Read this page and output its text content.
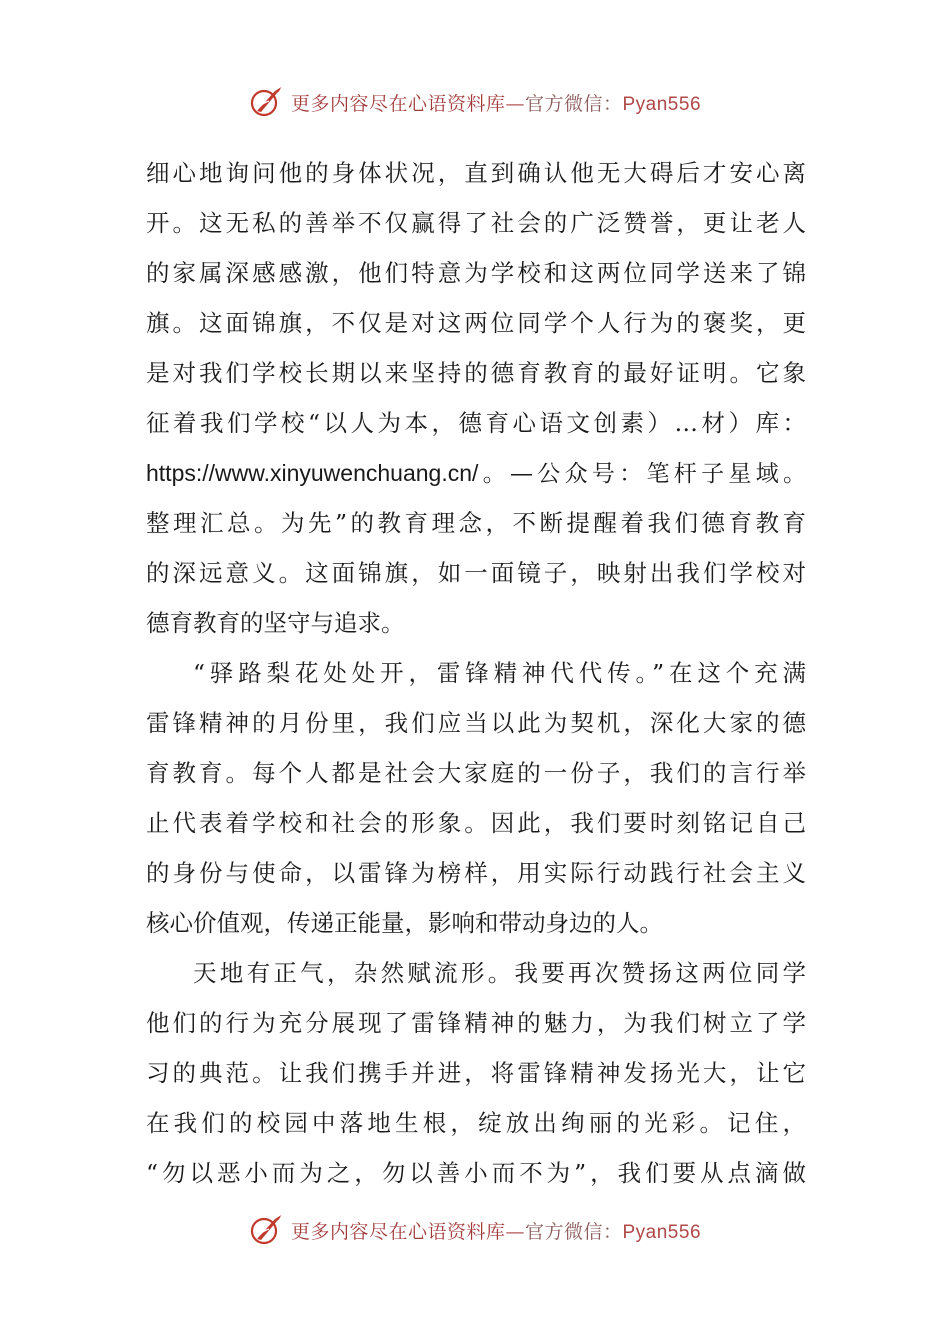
更多内容尽在心语资料库—官方微信：Pyan556
细心地询问他的身体状况，直到确认他无大碍后才安心离
开。这无私的善举不仅赢得了社会的广泛赞誉，更让老人
的家属深感感激，他们特意为学校和这两位同学送来了锦
旗。这面锦旗，不仅是对这两位同学个人行为的褒奖，更
是对我们学校长期以来坚持的德育教育的最好证明。它象
征着我们学校“以人为本，德育心语文创素）…材）库：
https://www.xinyuwenchuang.cn/。—公众号：笔杆子星域。
整理汇总。为先”的教育理念，不断提醒着我们德育教育
的深远意义。这面锦旗，如一面镜子，映射出我们学校对
德育教育的坚守与追求。
“驿路梨花处处开，雷锋精神代代传。”在这个充满
雷锋精神的月份里，我们应当以此为契机，深化大家的德
育教育。每个人都是社会大家庭的一份子，我们的言行举
止代表着学校和社会的形象。因此，我们要时刻铭记自己
的身份与使命，以雷锋为榜样，用实际行动践行社会主义
核心价值观，传递正能量，影响和带动身边的人。
天地有正气，杂然赋流形。我要再次赞扬这两位同学
他们的行为充分展现了雷锋精神的魅力，为我们树立了学
习的典范。让我们携手并进，将雷锋精神发扬光大，让它
在我们的校园中落地生根，绽放出绚丽的光彩。记住，
“勿以恶小而为之，勿以善小而不为”，我们要从点滴做
更多内容尽在心语资料库—官方微信：Pyan556
